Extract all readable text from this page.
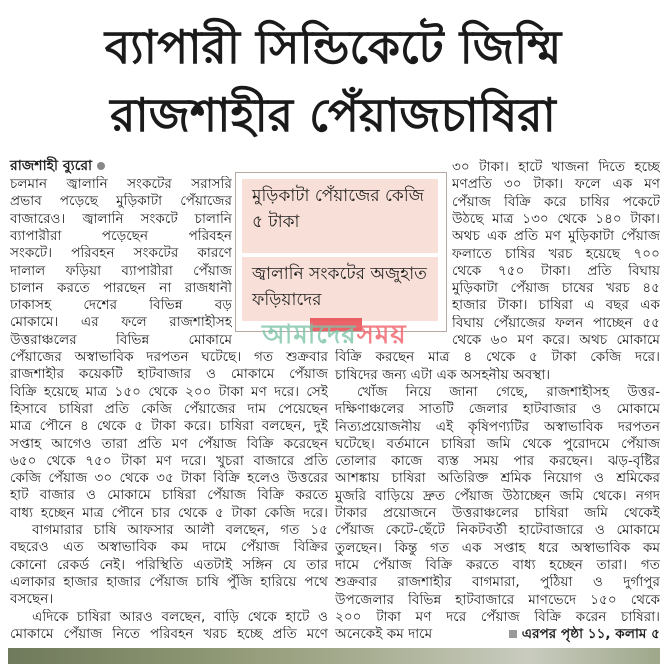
ব্যাপারী সিন্ডিকেটে জিম্মি
রাজশাহীর পেঁয়াজচাষিরা
রাজশাহী ব্যুরো
চলমান জ্বালানি সংকটের সরাসরি
প্রভাব পড়েছে মুড়িকাটা পেঁয়াজের
বাজারেও। জ্বালানি সংকটে চালানি
ব্যাপারীরা পড়েছেন পরিবহন
সংকটে। পরিবহন সংকটের কারণে
দালাল ফড়িয়া ব্যাপারীরা পেঁয়াজ
চালান করতে পারছেন না রাজধানী
ঢাকাসহ দেশের বিভিন্ন বড়
মোকামে। এর ফলে রাজশাহীসহ
উত্তরাঞ্চলের বিভিন্ন মোকামে
পেঁয়াজের অস্বাভাবিক দরপতন ঘটেছে। গত শুক্রবার
রাজশাহীর কয়েকটি হাটবাজার ও মোকামে পেঁয়াজ
বিক্রি হয়েছে মাত্র ১৫০ থেকে ২০০ টাকা মণ দরে। সেই
হিসাবে চাষিরা প্রতি কেজি পেঁয়াজের দাম পেয়েছেন
মাত্র পৌনে ৪ থেকে ৫ টাকা করে। চাষিরা বলছেন, দুই
সপ্তাহ আগেও তারা প্রতি মণ পেঁয়াজ বিক্রি করেছেন
৬৫০ থেকে ৭৫০ টাকা মণ দরে। খুচরা বাজারে প্রতি
কেজি পেঁয়াজ ৩০ থেকে ৩৫ টাকা বিক্রি হলেও উত্তরের
হাট বাজার ও মোকামে চাষিরা পেঁয়াজ বিক্রি করতে
বাধ্য হচ্ছেন মাত্র পৌনে চার থেকে ৫ টাকা কেজি দরে।
বাগমারার চাষি আফসার আলী বলছেন, গত ১৫
বছরেও এত অস্বাভাবিক কম দামে পেঁয়াজ বিক্রির
কোনো রেকর্ড নেই। পরিস্থিতি এতটাই সঙ্গিন যে তার
এলাকার হাজার হাজার পেঁয়াজ চাষি পুঁজি হারিয়ে পথে
বসছেন।
এদিকে চাষিরা আরও বলছেন, বাড়ি থেকে হাটে ও
মোকামে পেঁয়াজ নিতে পরিবহন খরচ হচ্ছে প্রতি মণে
৩০ টাকা। হাটে খাজনা দিতে হচ্ছে
মণপ্রতি ৩০ টাকা। ফলে এক মণ
পেঁয়াজ বিক্রি করে চাষির পকেটে
উঠছে মাত্র ১৩০ থেকে ১৪০ টাকা।
অথচ এক প্রতি মণ মুড়িকাটা পেঁয়াজ
ফলাতে চাষির খরচ হয়েছে ৭০০
থেকে ৭৫০ টাকা। প্রতি বিঘায়
মুড়িকাটা পেঁয়াজ চাষের খরচ ৪৫
হাজার টাকা। চাষিরা এ বছর এক
বিঘায় পেঁয়াজের ফলন পাচ্ছেন ৫৫
থেকে ৬০ মণ করে। অথচ মোকামে
বিক্রি করছেন মাত্র ৪ থেকে ৫ টাকা কেজি দরে।
চাষিদের জন্য এটা এক অসহনীয় অবস্থা।
খোঁজ নিয়ে জানা গেছে, রাজশাহীসহ উত্তর-
দক্ষিণাঞ্চলের সাতটি জেলার হাটবাজার ও মোকামে
নিত্যপ্রয়োজনীয় এই কৃষিপণ্যটির অস্বাভাবিক দরপতন
ঘটেছে। বর্তমানে চাষিরা জমি থেকে পুরোদমে পেঁয়াজ
তোলার কাজে ব্যস্ত সময় পার করছেন। ঝড়-বৃষ্টির
আশঙ্কায় চাষিরা অতিরিক্ত শ্রমিক নিয়োগ ও শ্রমিকের
মুজরি বাড়িয়ে দ্রুত পেঁয়াজ উঠাচ্ছেন জমি থেকে। নগদ
টাকার প্রয়োজনে উত্তরাঞ্চলের চাষিরা জমি থেকেই
পেঁয়াজ কেটে-ছেঁটে নিকটবর্তী হাটেবাজারে ও মোকামে
তুলছেন। কিন্তু গত এক সপ্তাহ ধরে অস্বাভাবিক কম
দামে পেঁয়াজ বিক্রি করতে বাধ্য হচ্ছেন তারা। গত
শুক্রবার রাজশাহীর বাগমারা, পুঠিয়া ও দুর্গাপুর
উপজেলার বিভিন্ন হাটবাজারে মাণভেদে ১৫০ থেকে
২০০ টাকা মণ দরে পেঁয়াজ বিক্রি করেন চাষিরা।
অনেকেই কম দামে	এরপর পৃষ্ঠা ১১, কলাম ৫
মুড়িকাটা পেঁয়াজের কেজি ৫ টাকা
জ্বালানি সংকটের অজুহাত ফড়িয়াদের
আমাদেরসময়
